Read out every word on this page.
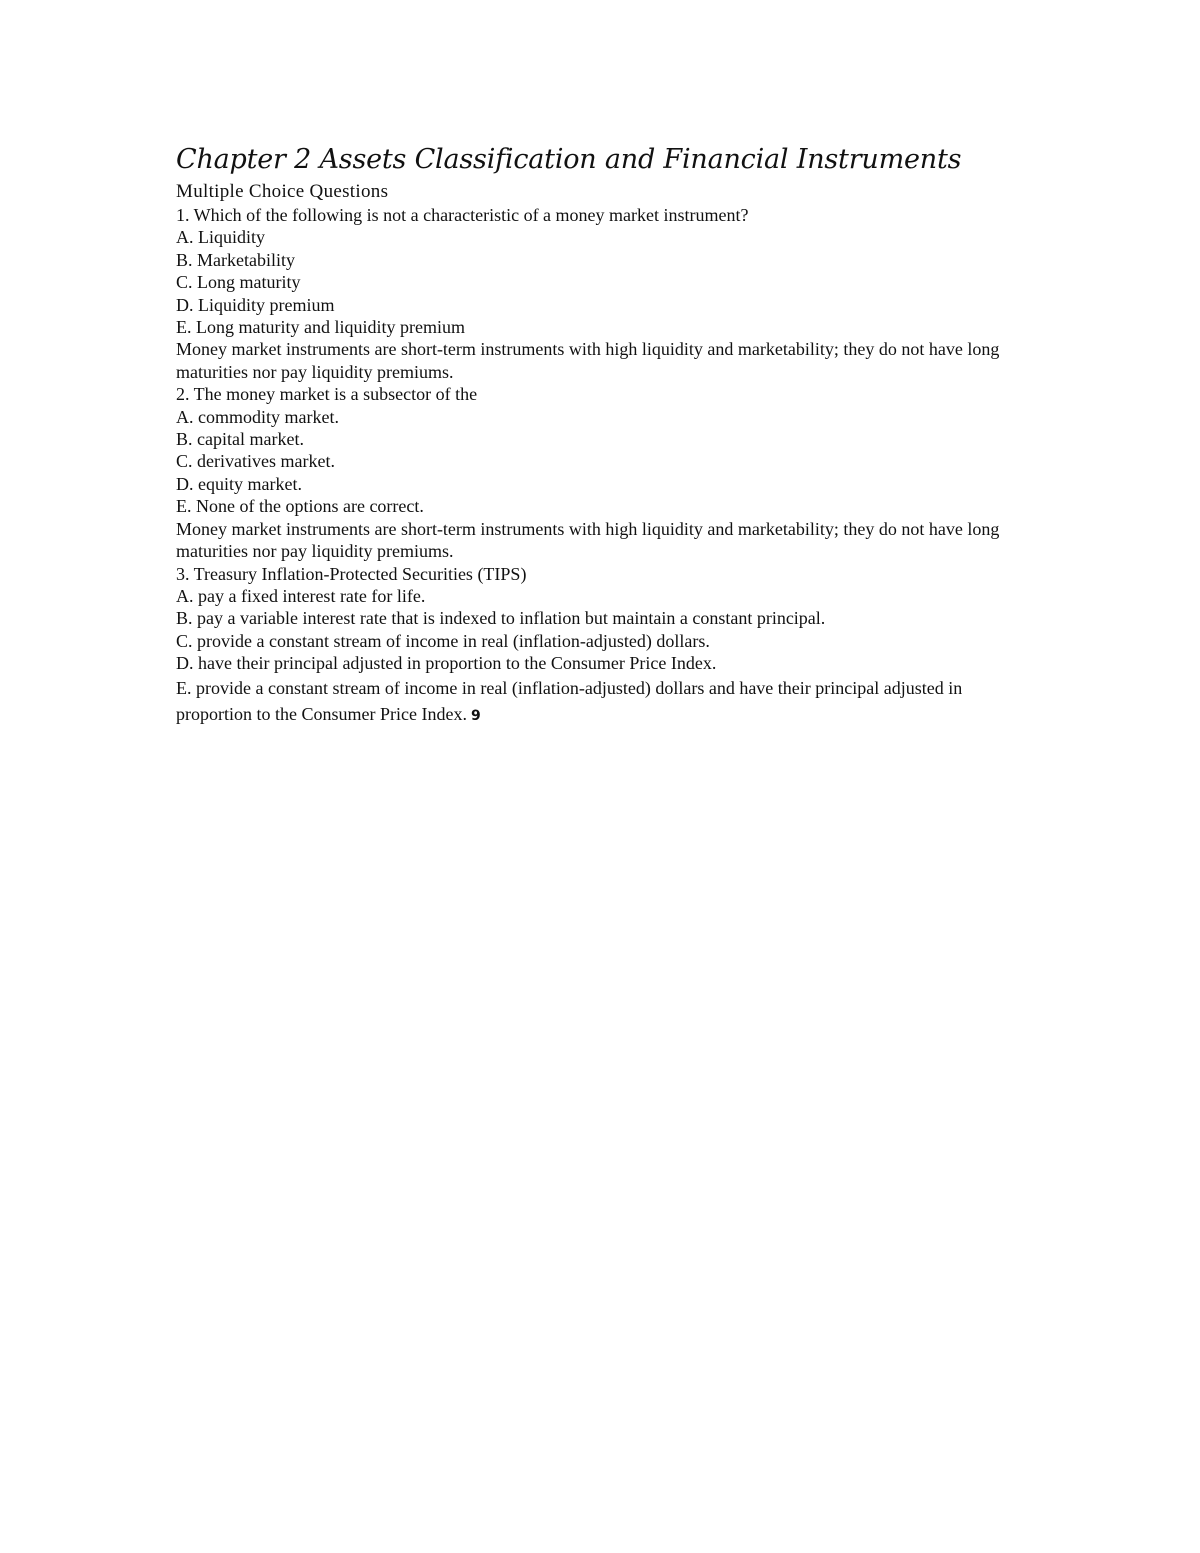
Chapter 2 Assets Classification and Financial Instruments

Multiple Choice Questions

1. Which of the following is not a characteristic of a money market instrument?

A. Liquidity

B. Marketability

C. Long maturity

D. Liquidity premium

E. Long maturity and liquidity premium

Money market instruments are short-term instruments with high liquidity and marketability; they do not have long maturities nor pay liquidity premiums.

2. The money market is a subsector of the

A. commodity market.

B. capital market.

C. derivatives market.

D. equity market.

E. None of the options are correct.

Money market instruments are short-term instruments with high liquidity and marketability; they do not have long maturities nor pay liquidity premiums.

3. Treasury Inflation-Protected Securities (TIPS)

A. pay a fixed interest rate for life.

B. pay a variable interest rate that is indexed to inflation but maintain a constant principal.

C. provide a constant stream of income in real (inflation-adjusted) dollars.

D. have their principal adjusted in proportion to the Consumer Price Index.

E. provide a constant stream of income in real (inflation-adjusted) dollars and have their principal adjusted in proportion to the Consumer Price Index. 9
